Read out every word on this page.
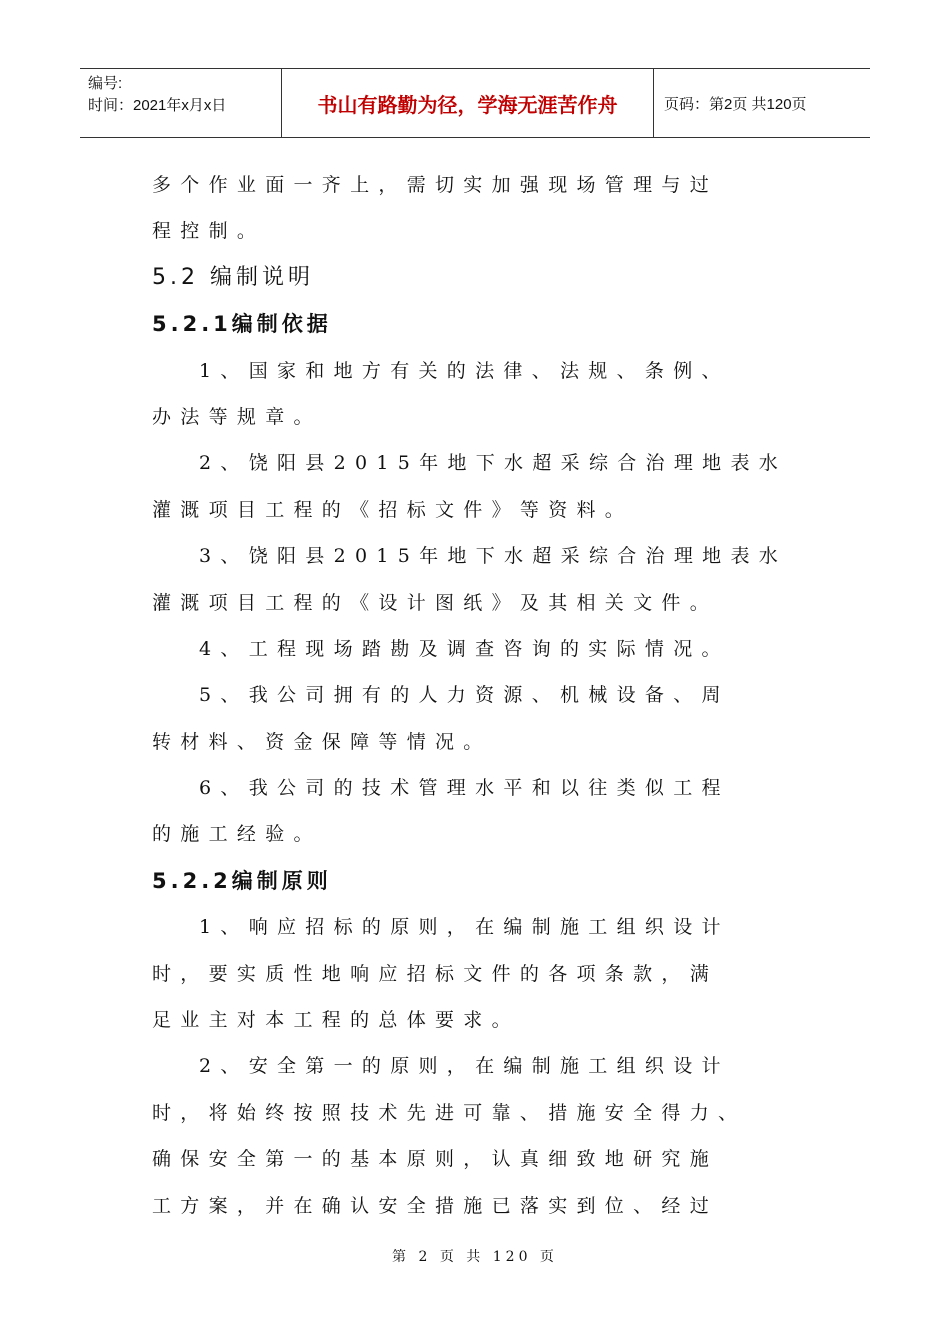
编号:
时间：2021年x月x日	书山有路勤为径，学海无涯苦作舟	页码：第2页 共120页
多个作业面一齐上，需切实加强现场管理与过
程控制。
5.2 编制说明
5.2.1编制依据
1、国家和地方有关的法律、法规、条例、
办法等规章。
2、饶阳县2015年地下水超采综合治理地表水
灌溉项目工程的《招标文件》等资料。
3、饶阳县2015年地下水超采综合治理地表水
灌溉项目工程的《设计图纸》及其相关文件。
4、工程现场踏勘及调查咨询的实际情况。
5、我公司拥有的人力资源、机械设备、周
转材料、资金保障等情况。
6、我公司的技术管理水平和以往类似工程
的施工经验。
5.2.2编制原则
1、响应招标的原则，在编制施工组织设计
时，要实质性地响应招标文件的各项条款，满
足业主对本工程的总体要求。
2、安全第一的原则，在编制施工组织设计
时，将始终按照技术先进可靠、措施安全得力、
确保安全第一的基本原则，认真细致地研究施
工方案，并在确认安全措施已落实到位、经过
第 2 页 共 120 页
